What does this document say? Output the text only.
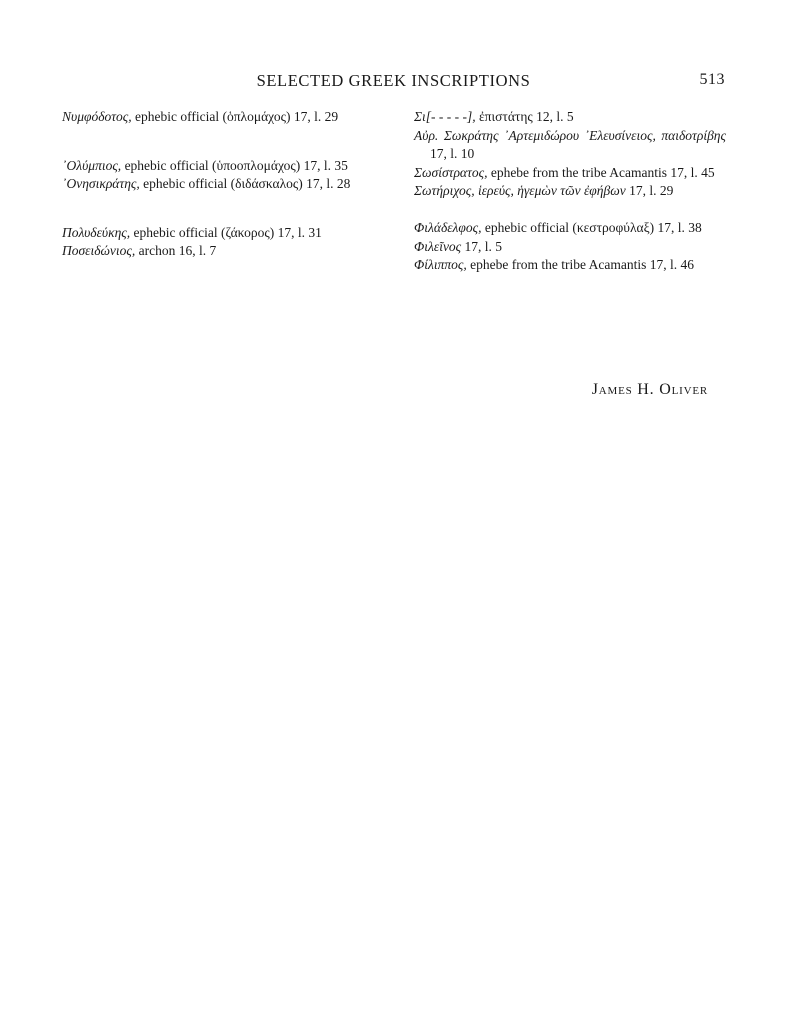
SELECTED GREEK INSCRIPTIONS	513

Νυμφόδοτος, ephebic official (ὁπλομάχος) 17, l. 29

᾿Ολύμπιος, ephebic official (ὑποοπλομάχος) 17, l. 35

᾿Ονησικράτης, ephebic official (διδάσκαλος) 17, l. 28

Πολυδεύκης, ephebic official (ζάκορος) 17, l. 31

Ποσειδώνιος, archon 16, l. 7

Σι[- - - - -], ἐπιστάτης 12, l. 5

Αὐρ. Σωκράτης ᾿Αρτεμιδώρου ᾿Ελευσίνειος, παιδοτρίβης 17, l. 10

Σωσίστρατος, ephebe from the tribe Acamantis 17, l. 45

Σωτήριχος, ἱερεύς, ἡγεμὼν τῶν ἐφήβων 17, l. 29

Φιλάδελφος, ephebic official (κεστροφύλαξ) 17, l. 38

Φιλεῖνος 17, l. 5

Φίλιππος, ephebe from the tribe Acamantis 17, l. 46

James H. Oliver
